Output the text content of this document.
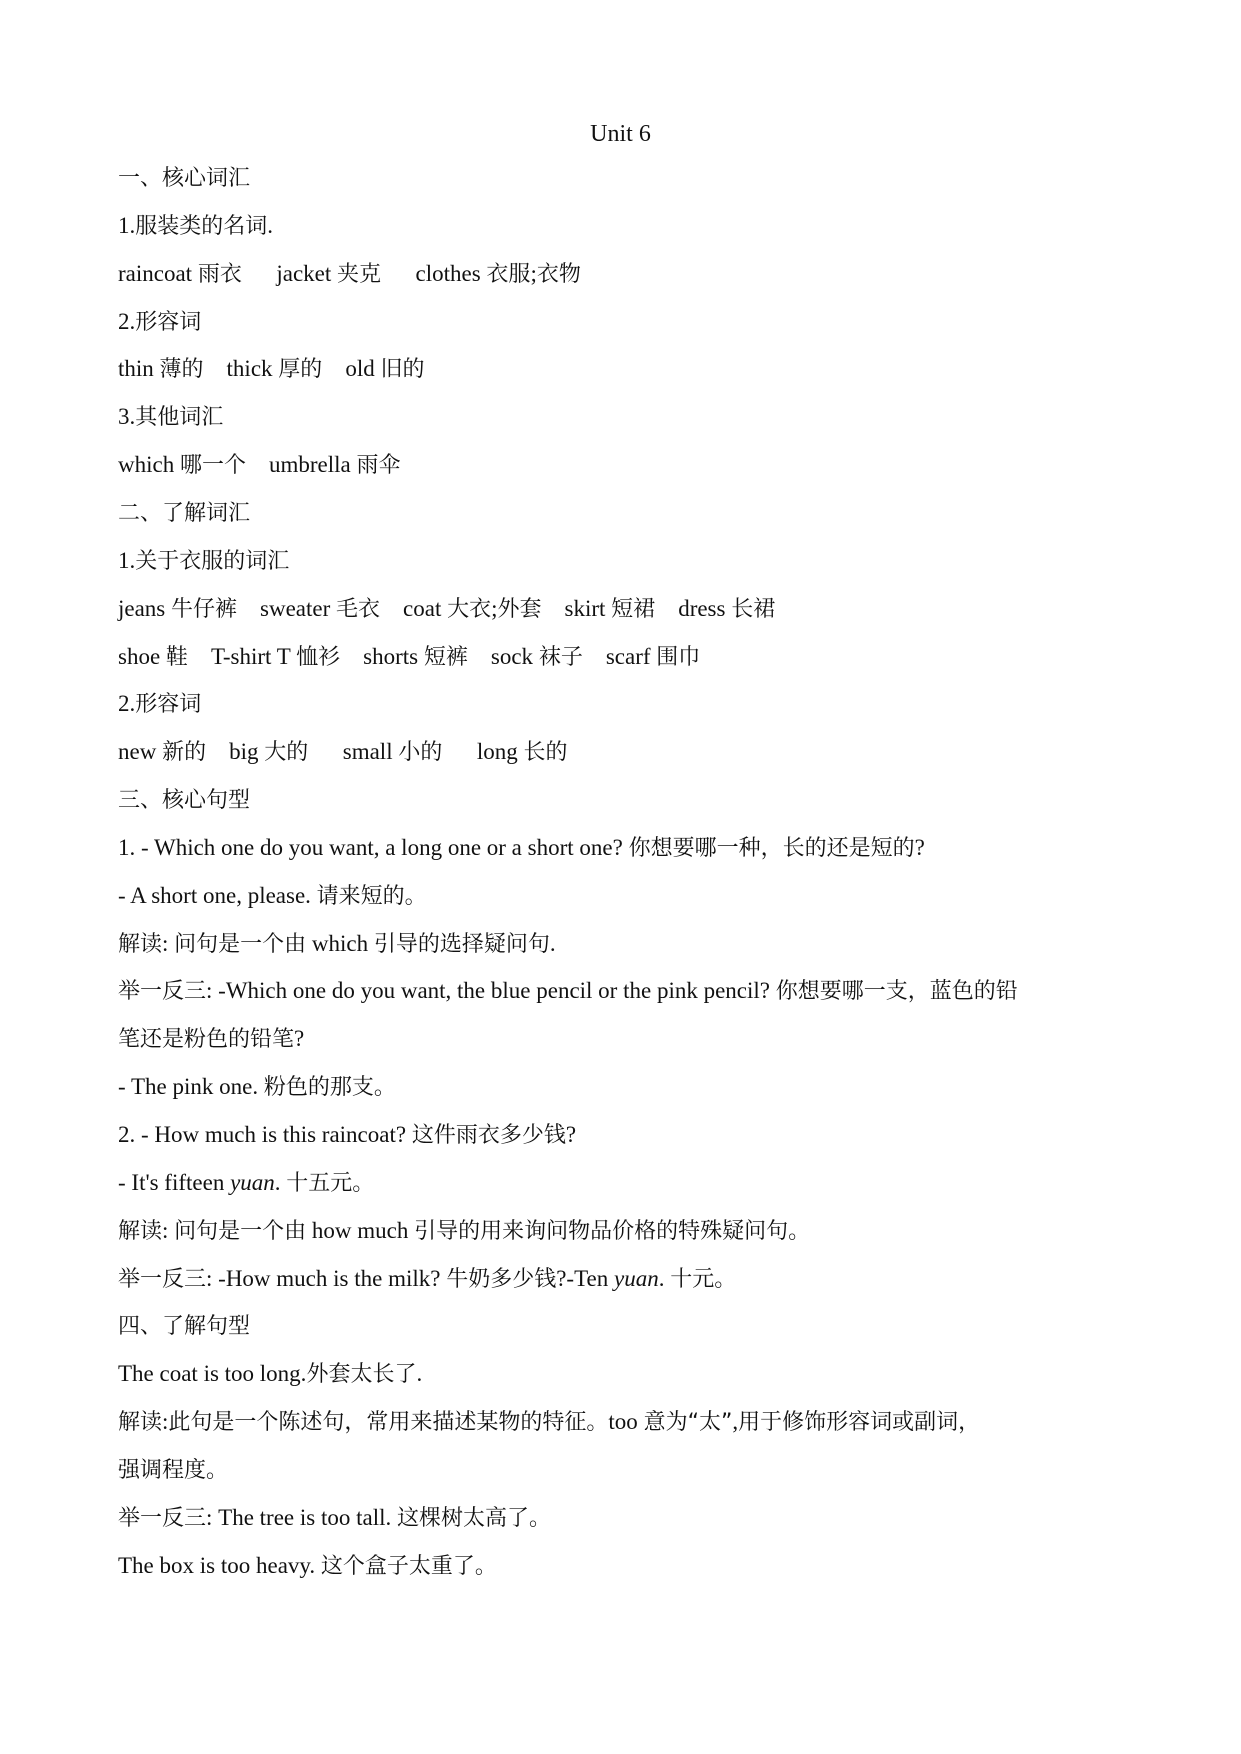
Unit 6
一、核心词汇
1.服装类的名词.
raincoat 雨衣      jacket 夹克      clothes 衣服;衣物
2.形容词
thin 薄的    thick 厚的    old 旧的
3.其他词汇
which 哪一个    umbrella 雨伞
二、了解词汇
1.关于衣服的词汇
jeans 牛仔裤    sweater 毛衣    coat 大衣;外套    skirt 短裙    dress 长裙
shoe 鞋    T-shirt T 恤衫    shorts 短裤    sock 袜子    scarf 围巾
2.形容词
new 新的    big 大的      small 小的      long 长的
三、核心句型
1. - Which one do you want, a long one or a short one? 你想要哪一种，长的还是短的?
- A short one, please. 请来短的。
解读: 问句是一个由 which 引导的选择疑问句.
举一反三: -Which one do you want, the blue pencil or the pink pencil? 你想要哪一支，蓝色的铅
笔还是粉色的铅笔?
- The pink one. 粉色的那支。
2. - How much is this raincoat? 这件雨衣多少钱?
- It's fifteen yuan. 十五元。
解读: 问句是一个由 how much 引导的用来询问物品价格的特殊疑问句。
举一反三: -How much is the milk? 牛奶多少钱?-Ten yuan. 十元。
四、了解句型
The coat is too long.外套太长了.
解读:此句是一个陈述句，常用来描述某物的特征。too 意为“太”,用于修饰形容词或副词，
强调程度。
举一反三: The tree is too tall. 这棵树太高了。
The box is too heavy. 这个盒子太重了。
